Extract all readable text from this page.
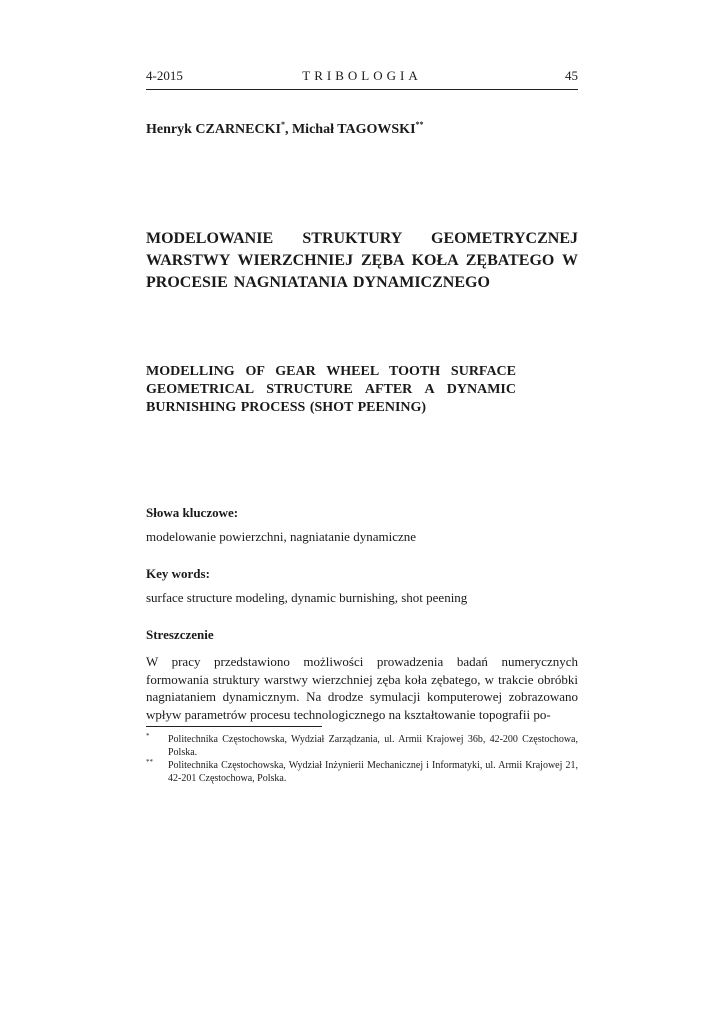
4-2015	TRIBOLOGIA	45
Henryk CZARNECKI*, Michał TAGOWSKI**
MODELOWANIE STRUKTURY GEOMETRYCZNEJ WARSTWY WIERZCHNIEJ ZĘBA KOŁA ZĘBATEGO W PROCESIE NAGNIATANIA DYNAMICZNEGO
MODELLING OF GEAR WHEEL TOOTH SURFACE GEOMETRICAL STRUCTURE AFTER A DYNAMIC BURNISHING PROCESS (SHOT PEENING)
Słowa kluczowe:

modelowanie powierzchni, nagniatanie dynamiczne

Key words:

surface structure modeling, dynamic burnishing, shot peening

Streszczenie

W pracy przedstawiono możliwości prowadzenia badań numerycznych formowania struktury warstwy wierzchniej zęba koła zębatego, w trakcie obróbki nagniataniem dynamicznym. Na drodze symulacji komputerowej zobrazowano wpływ parametrów procesu technologicznego na kształtowanie topografii po-

* Politechnika Częstochowska, Wydział Zarządzania, ul. Armii Krajowej 36b, 42-200 Częstochowa, Polska.
** Politechnika Częstochowska, Wydział Inżynierii Mechanicznej i Informatyki, ul. Armii Krajowej 21, 42-201 Częstochowa, Polska.
